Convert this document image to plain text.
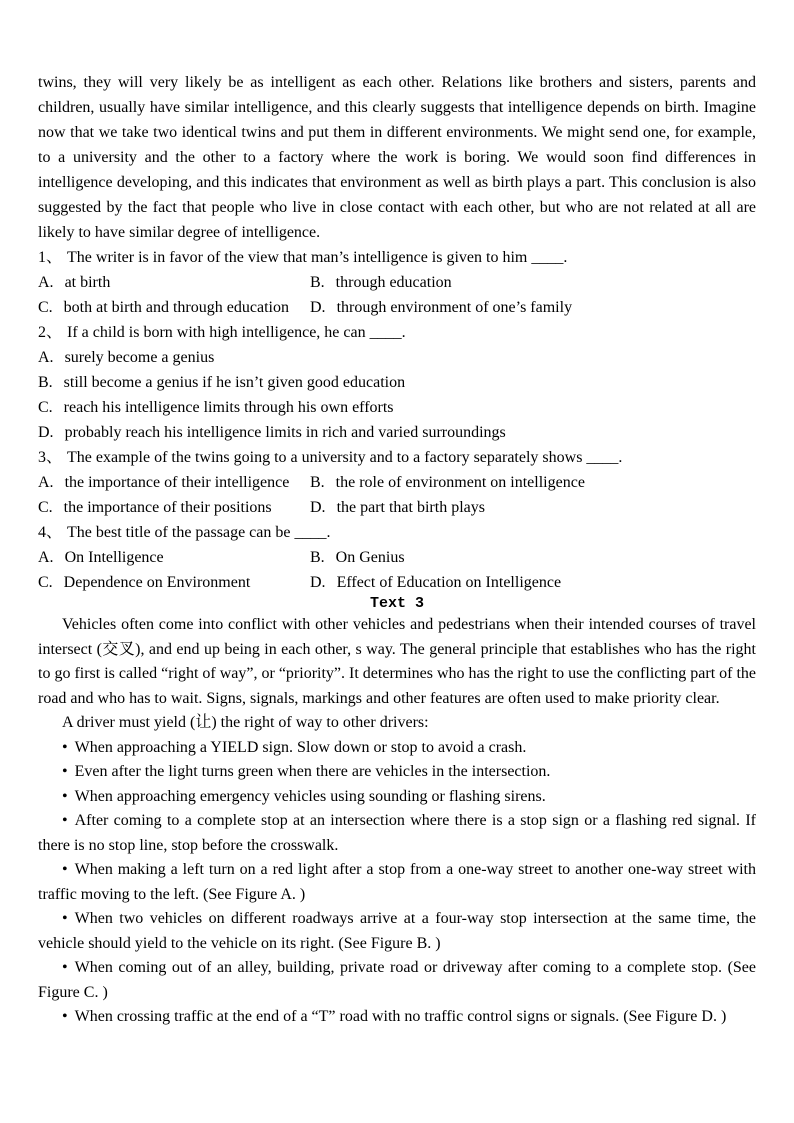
twins, they will very likely be as intelligent as each other. Relations like brothers and sisters, parents and children, usually have similar intelligence, and this clearly suggests that intelligence depends on birth. Imagine now that we take two identical twins and put them in different environments. We might send one, for example, to a university and the other to a factory where the work is boring. We would soon find differences in intelligence developing, and this indicates that environment as well as birth plays a part. This conclusion is also suggested by the fact that people who live in close contact with each other, but who are not related at all are likely to have similar degree of intelligence.

1、 The writer is in favor of the view that man’s intelligence is given to him ____.

A. at birth	B. through education
C. both at birth and through education	D. through environment of one’s family

2、 If a child is born with high intelligence, he can ____.

A. surely become a genius
B. still become a genius if he isn’t given good education
C. reach his intelligence limits through his own efforts
D. probably reach his intelligence limits in rich and varied surroundings

3、 The example of the twins going to a university and to a factory separately shows ____.

A. the importance of their intelligence	B. the role of environment on intelligence
C. the importance of their positions	D. the part that birth plays

4、 The best title of the passage can be ____.

A. On Intelligence	B. On Genius
C. Dependence on Environment	D. Effect of Education on Intelligence

Text 3

Vehicles often come into conflict with other vehicles and pedestrians when their intended courses of travel intersect (交叉), and end up being in each other, s way. The general principle that establishes who has the right to go first is called “right of way”, or “priority”. It determines who has the right to use the conflicting part of the road and who has to wait. Signs, signals, markings and other features are often used to make priority clear.

A driver must yield (让) the right of way to other drivers:

• When approaching a YIELD sign. Slow down or stop to avoid a crash.

• Even after the light turns green when there are vehicles in the intersection.

• When approaching emergency vehicles using sounding or flashing sirens.

• After coming to a complete stop at an intersection where there is a stop sign or a flashing red signal. If there is no stop line, stop before the crosswalk.

• When making a left turn on a red light after a stop from a one-way street to another one-way street with traffic moving to the left. (See Figure A. )

• When two vehicles on different roadways arrive at a four-way stop intersection at the same time, the vehicle should yield to the vehicle on its right. (See Figure B. )

• When coming out of an alley, building, private road or driveway after coming to a complete stop. (See Figure C. )

• When crossing traffic at the end of a “T” road with no traffic control signs or signals. (See Figure D. )
